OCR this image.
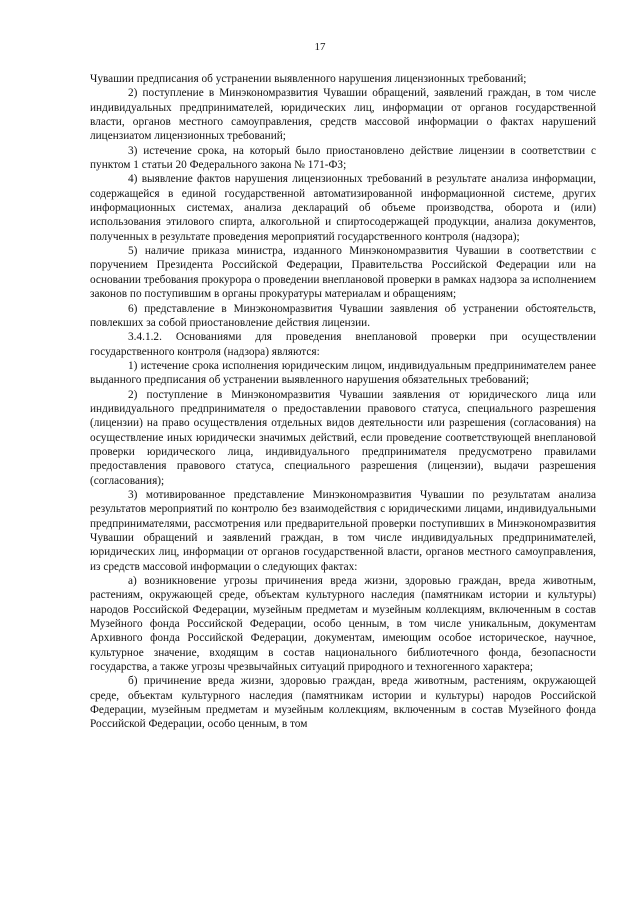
17

Чувашии предписания об устранении выявленного нарушения лицензионных требований;

2) поступление в Минэкономразвития Чувашии обращений, заявлений граждан, в том числе индивидуальных предпринимателей, юридических лиц, информации от органов государственной власти, органов местного самоуправления, средств массовой информации о фактах нарушений лицензиатом лицензионных требований;

3) истечение срока, на который было приостановлено действие лицензии в соответствии с пунктом 1 статьи 20 Федерального закона № 171-ФЗ;

4) выявление фактов нарушения лицензионных требований в результате анализа информации, содержащейся в единой государственной автоматизированной информационной системе, других информационных системах, анализа деклараций об объеме производства, оборота и (или) использования этилового спирта, алкогольной и спиртосодержащей продукции, анализа документов, полученных в результате проведения мероприятий государственного контроля (надзора);

5) наличие приказа министра, изданного Минэкономразвития Чувашии в соответствии с поручением Президента Российской Федерации, Правительства Российской Федерации или на основании требования прокурора о проведении внеплановой проверки в рамках надзора за исполнением законов по поступившим в органы прокуратуры материалам и обращениям;

6) представление в Минэкономразвития Чувашии заявления об устранении обстоятельств, повлекших за собой приостановление действия лицензии.

3.4.1.2. Основаниями для проведения внеплановой проверки при осуществлении государственного контроля (надзора) являются:

1) истечение срока исполнения юридическим лицом, индивидуальным предпринимателем ранее выданного предписания об устранении выявленного нарушения обязательных требований;

2) поступление в Минэкономразвития Чувашии заявления от юридического лица или индивидуального предпринимателя о предоставлении правового статуса, специального разрешения (лицензии) на право осуществления отдельных видов деятельности или разрешения (согласования) на осуществление иных юридически значимых действий, если проведение соответствующей внеплановой проверки юридического лица, индивидуального предпринимателя предусмотрено правилами предоставления правового статуса, специального разрешения (лицензии), выдачи разрешения (согласования);

3) мотивированное представление Минэкономразвития Чувашии по результатам анализа результатов мероприятий по контролю без взаимодействия с юридическими лицами, индивидуальными предпринимателями, рассмотрения или предварительной проверки поступивших в Минэкономразвития Чувашии обращений и заявлений граждан, в том числе индивидуальных предпринимателей, юридических лиц, информации от органов государственной власти, органов местного самоуправления, из средств массовой информации о следующих фактах:

а) возникновение угрозы причинения вреда жизни, здоровью граждан, вреда животным, растениям, окружающей среде, объектам культурного наследия (памятникам истории и культуры) народов Российской Федерации, музейным предметам и музейным коллекциям, включенным в состав Музейного фонда Российской Федерации, особо ценным, в том числе уникальным, документам Архивного фонда Российской Федерации, документам, имеющим особое историческое, научное, культурное значение, входящим в состав национального библиотечного фонда, безопасности государства, а также угрозы чрезвычайных ситуаций природного и техногенного характера;

б) причинение вреда жизни, здоровью граждан, вреда животным, растениям, окружающей среде, объектам культурного наследия (памятникам истории и культуры) народов Российской Федерации, музейным предметам и музейным коллекциям, включенным в состав Музейного фонда Российской Федерации, особо ценным, в том
